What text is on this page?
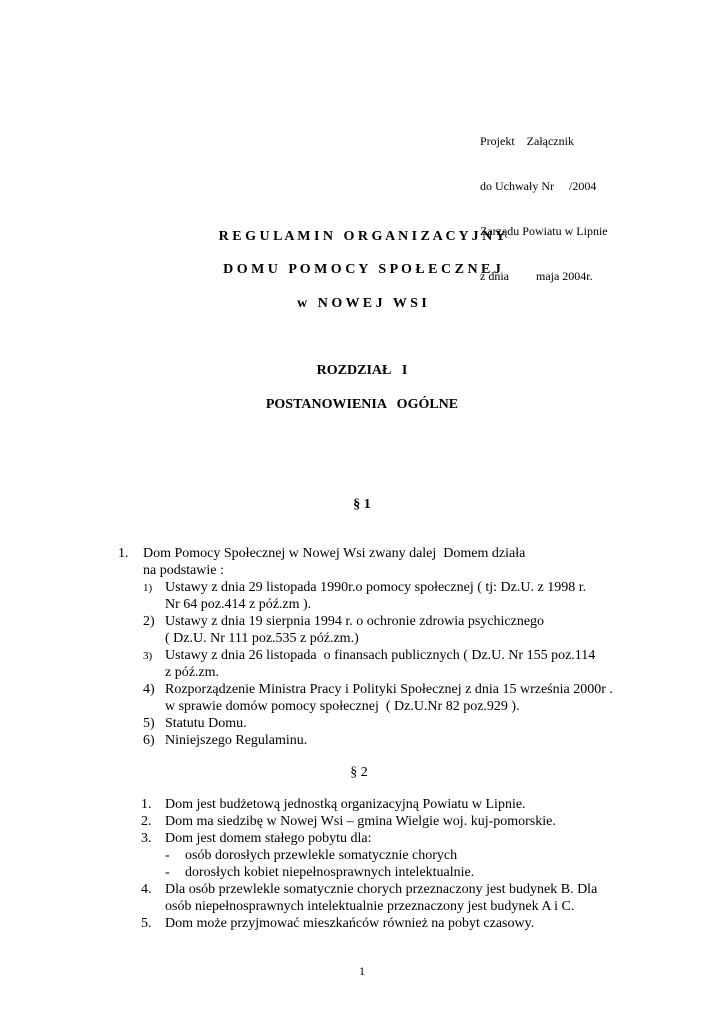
Projekt    Załącznik

do Uchwały Nr     /2004

Zarządu Powiatu w Lipnie

z dnia         maja 2004r.

R E G U L A M I N   O R G A N I Z A C Y J N Y
D O M U   P O M O C Y   S P O Ł E C Z N E J
w   N O W E J   W S I
ROZDZIAŁ   I
POSTANOWIENIA   OGÓLNE
§ 1
1. Dom Pomocy Społecznej w Nowej Wsi zwany dalej  Domem działa
na podstawie :
1) Ustawy z dnia 29 listopada 1990r.o pomocy społecznej ( tj: Dz.U. z 1998 r.
Nr 64 poz.414 z póź.zm ).
2) Ustawy z dnia 19 sierpnia 1994 r. o ochronie zdrowia psychicznego
( Dz.U. Nr 111 poz.535 z póź.zm.)
3) Ustawy z dnia 26 listopada  o finansach publicznych ( Dz.U. Nr 155 poz.114
z póź.zm.
4) Rozporządzenie Ministra Pracy i Polityki Społecznej z dnia 15 września 2000r .
w sprawie domów pomocy społecznej  ( Dz.U.Nr 82 poz.929 ).
5) Statutu Domu.
6) Niniejszego Regulaminu.
§ 2
1. Dom jest budżetową jednostką organizacyjną Powiatu w Lipnie.
2. Dom ma siedzibę w Nowej Wsi – gmina Wielgie woj. kuj-pomorskie.
3. Dom jest domem stałego pobytu dla:
- osób dorosłych przewlekle somatycznie chorych
- dorosłych kobiet niepełnosprawnych intelektualnie.
4. Dla osób przewlekle somatycznie chorych przeznaczony jest budynek B. Dla
osób niepełnosprawnych intelektualnie przeznaczony jest budynek A i C.
5. Dom może przyjmować mieszkańców również na pobyt czasowy.
1
